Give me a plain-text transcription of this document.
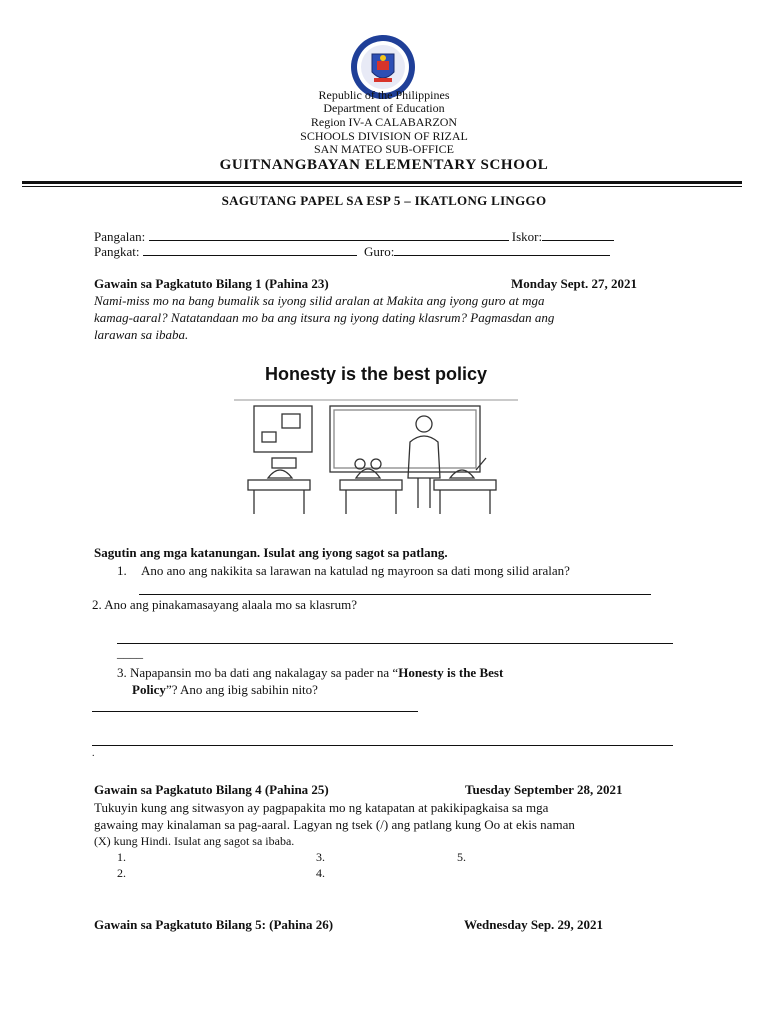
Republic of the Philippines
Department of Education
Region IV-A CALABARZON
SCHOOLS DIVISION OF RIZAL
SAN MATEO SUB-OFFICE
GUITNANGBAYAN ELEMENTARY SCHOOL
SAGUTANG PAPEL SA ESP 5 – IKATLONG LINGGO
Pangalan:	Iskor:
Pangkat:	Guro:
Gawain sa Pagkatuto Bilang 1 (Pahina 23)	Monday Sept. 27, 2021
Nami-miss mo na bang bumalik sa iyong silid aralan at Makita ang iyong guro at mga
kamag-aaral? Natatandaan mo ba ang itsura ng iyong dating klasrum? Pagmasdan ang
larawan sa ibaba.
Honesty is the best policy
Sagutin ang mga katanungan. Isulat ang iyong sagot sa patlang.
1. Ano ano ang nakikita sa larawan na katulad ng mayroon sa dati mong silid aralan?
2. Ano ang pinakamasayang alaala mo sa klasrum?
____
3. Napapansin mo ba dati ang nakalagay sa pader na “Honesty is the Best
Policy”? Ano ang ibig sabihin nito?
.
Gawain sa Pagkatuto Bilang 4 (Pahina 25)	Tuesday September 28, 2021
Tukuyin kung ang sitwasyon ay pagpapakita mo ng katapatan at pakikipagkaisa sa mga
gawaing may kinalaman sa pag-aaral. Lagyan ng tsek (/) ang patlang kung Oo at ekis naman
(X) kung Hindi. Isulat ang sagot sa ibaba.
1.	3.	5.
2.	4.
Gawain sa Pagkatuto Bilang 5: (Pahina 26)	Wednesday Sep. 29, 2021
